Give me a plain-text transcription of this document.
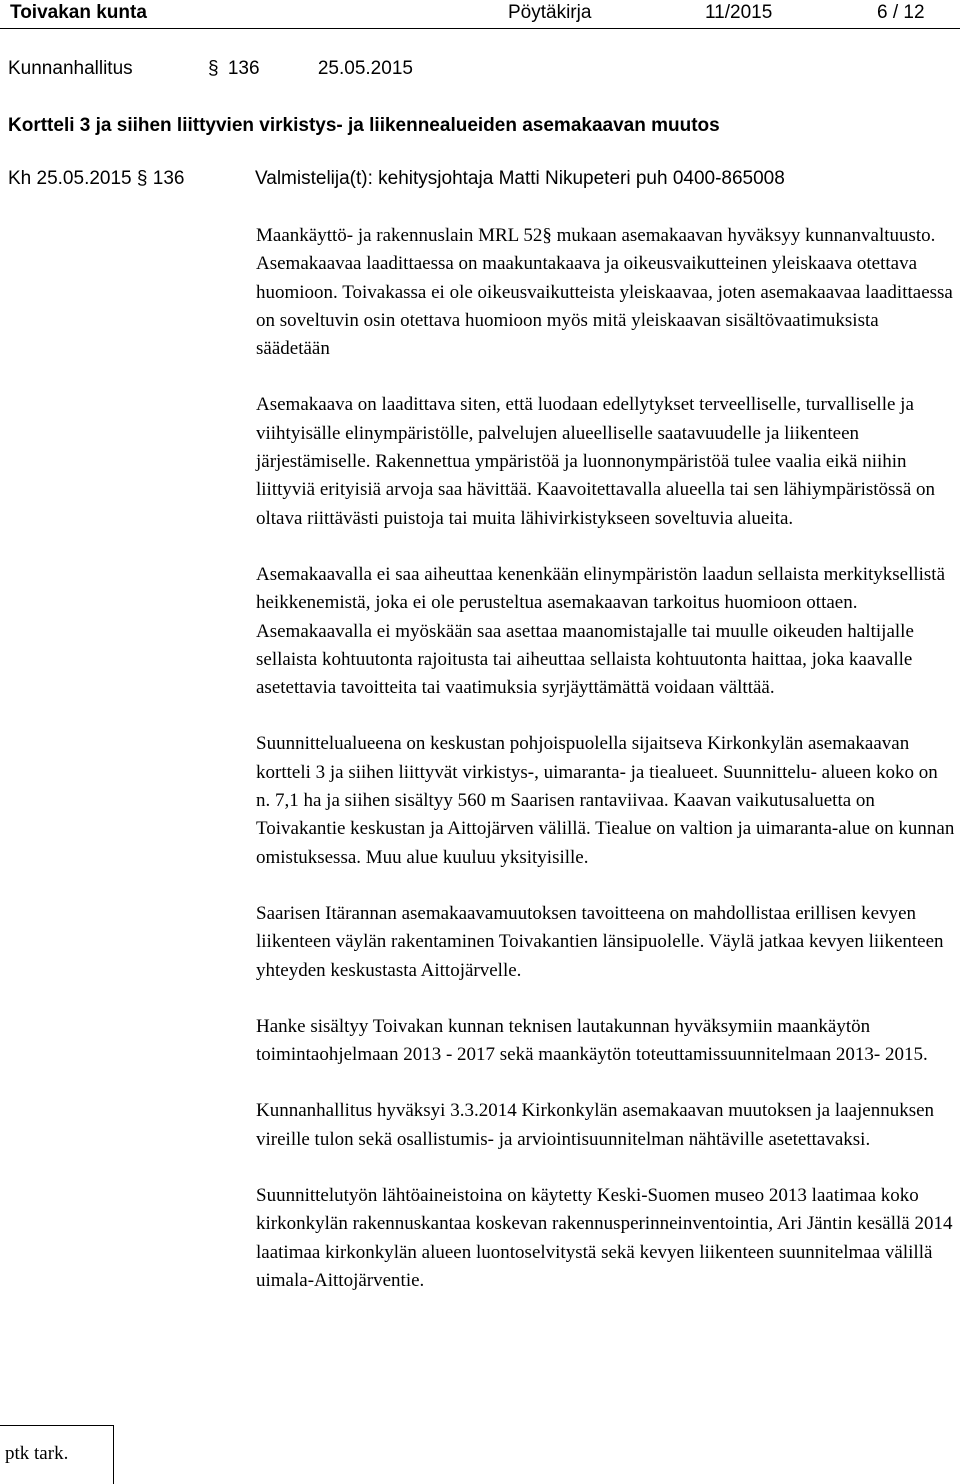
Toivakan kunta	Pöytäkirja	11/2015	6 / 12
Kunnanhallitus	§ 136	25.05.2015
Kortteli 3 ja siihen liittyvien virkistys- ja liikennealueiden asemakaavan muutos
Kh 25.05.2015 § 136	Valmistelija(t): kehitysjohtaja Matti Nikupeteri puh 0400-865008

Maankäyttö- ja rakennuslain MRL 52§ mukaan asemakaavan hyväksyy kunnanvaltuusto. Asemakaavaa laadittaessa on maakuntakaava ja oikeusvaikutteinen yleiskaava otettava huomioon. Toivakassa ei ole oikeusvaikutteista yleiskaavaa, joten asemakaavaa laadittaessa on soveltuvin osin otettava huomioon myös mitä yleiskaavan sisältövaatimuksista säädetään

Asemakaava on laadittava siten, että luodaan edellytykset terveelliselle, turvalliselle ja viihtyisälle elinympäristölle, palvelujen alueelliselle saatavuudelle ja liikenteen järjestämiselle. Rakennettua ympäristöä ja luonnonympäristöä tulee vaalia eikä niihin liittyviä erityisiä arvoja saa hävittää. Kaavoitettavalla alueella tai sen lähiympäristössä on oltava riittävästi puistoja tai muita lähivirkistykseen soveltuvia alueita.

Asemakaavalla ei saa aiheuttaa kenenkään elinympäristön laadun sellaista merkityksellistä heikkenemistä, joka ei ole perusteltua asemakaavan tarkoitus huomioon ottaen. Asemakaavalla ei myöskään saa asettaa maanomistajalle tai muulle oikeuden haltijalle sellaista kohtuutonta rajoitusta tai aiheuttaa sellaista kohtuutonta haittaa, joka kaavalle asetettavia tavoitteita tai vaatimuksia syrjäyttämättä voidaan välttää.

Suunnittelualueena on keskustan pohjoispuolella sijaitseva Kirkonkylän asemakaavan kortteli 3 ja siihen liittyvät virkistys-, uimaranta- ja tiealueet. Suunnittelu- alueen koko on n. 7,1 ha ja siihen sisältyy 560 m Saarisen rantaviivaa. Kaavan vaikutusaluetta on Toivakantie keskustan ja Aittojärven välillä. Tiealue on valtion ja uimaranta-alue on kunnan omistuksessa. Muu alue kuuluu yksityisille.

Saarisen Itärannan asemakaavamuutoksen tavoitteena on mahdollistaa erillisen kevyen liikenteen väylän rakentaminen Toivakantien länsipuolelle. Väylä jatkaa kevyen liikenteen yhteyden keskustasta Aittojärvelle.

Hanke sisältyy Toivakan kunnan teknisen lautakunnan hyväksymiin maankäytön toimintaohjelmaan 2013 - 2017 sekä maankäytön toteuttamissuunnitelmaan 2013- 2015.

Kunnanhallitus hyväksyi 3.3.2014 Kirkonkylän asemakaavan muutoksen ja laajennuksen vireille tulon sekä osallistumis- ja arviointisuunnitelman nähtäville asetettavaksi.

Suunnittelutyön lähtöaineistoina on käytetty Keski-Suomen museo 2013 laatimaa koko kirkonkylän rakennuskantaa koskevan rakennusperinneinventointia, Ari Jäntin kesällä 2014 laatimaa kirkonkylän alueen luontoselvitystä sekä kevyen liikenteen suunnitelmaa välillä uimala-Aittojärventie.

ptk tark.
